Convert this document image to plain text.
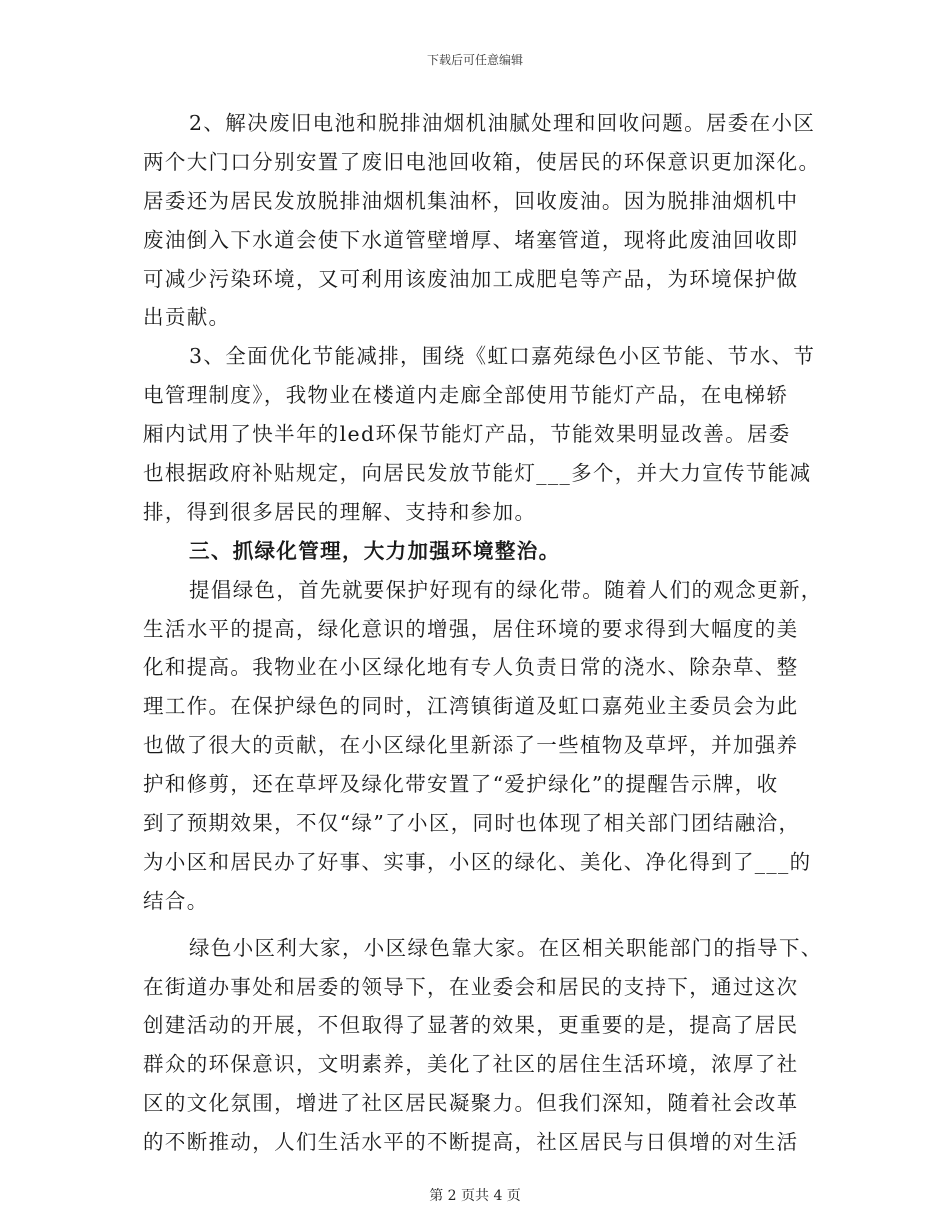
下载后可任意编辑
2、解决废旧电池和脱排油烟机油腻处理和回收问题。居委在小区
两个大门口分别安置了废旧电池回收箱，使居民的环保意识更加深化。
居委还为居民发放脱排油烟机集油杯，回收废油。因为脱排油烟机中
废油倒入下水道会使下水道管壁增厚、堵塞管道，现将此废油回收即
可减少污染环境，又可利用该废油加工成肥皂等产品，为环境保护做
出贡献。
3、全面优化节能减排，围绕《虹口嘉苑绿色小区节能、节水、节
电管理制度》，我物业在楼道内走廊全部使用节能灯产品，在电梯轿
厢内试用了快半年的led环保节能灯产品，节能效果明显改善。居委
也根据政府补贴规定，向居民发放节能灯___多个，并大力宣传节能减
排，得到很多居民的理解、支持和参加。
三、抓绿化管理，大力加强环境整治。
提倡绿色，首先就要保护好现有的绿化带。随着人们的观念更新，
生活水平的提高，绿化意识的增强，居住环境的要求得到大幅度的美
化和提高。我物业在小区绿化地有专人负责日常的浇水、除杂草、整
理工作。在保护绿色的同时，江湾镇街道及虹口嘉苑业主委员会为此
也做了很大的贡献，在小区绿化里新添了一些植物及草坪，并加强养
护和修剪，还在草坪及绿化带安置了“爱护绿化”的提醒告示牌，收
到了预期效果，不仅“绿”了小区，同时也体现了相关部门团结融洽，
为小区和居民办了好事、实事，小区的绿化、美化、净化得到了___的
结合。
绿色小区利大家，小区绿色靠大家。在区相关职能部门的指导下、
在街道办事处和居委的领导下，在业委会和居民的支持下，通过这次
创建活动的开展，不但取得了显著的效果，更重要的是，提高了居民
群众的环保意识，文明素养，美化了社区的居住生活环境，浓厚了社
区的文化氛围，增进了社区居民凝聚力。但我们深知，随着社会改革
的不断推动，人们生活水平的不断提高，社区居民与日俱增的对生活
第 2 页共 4 页
